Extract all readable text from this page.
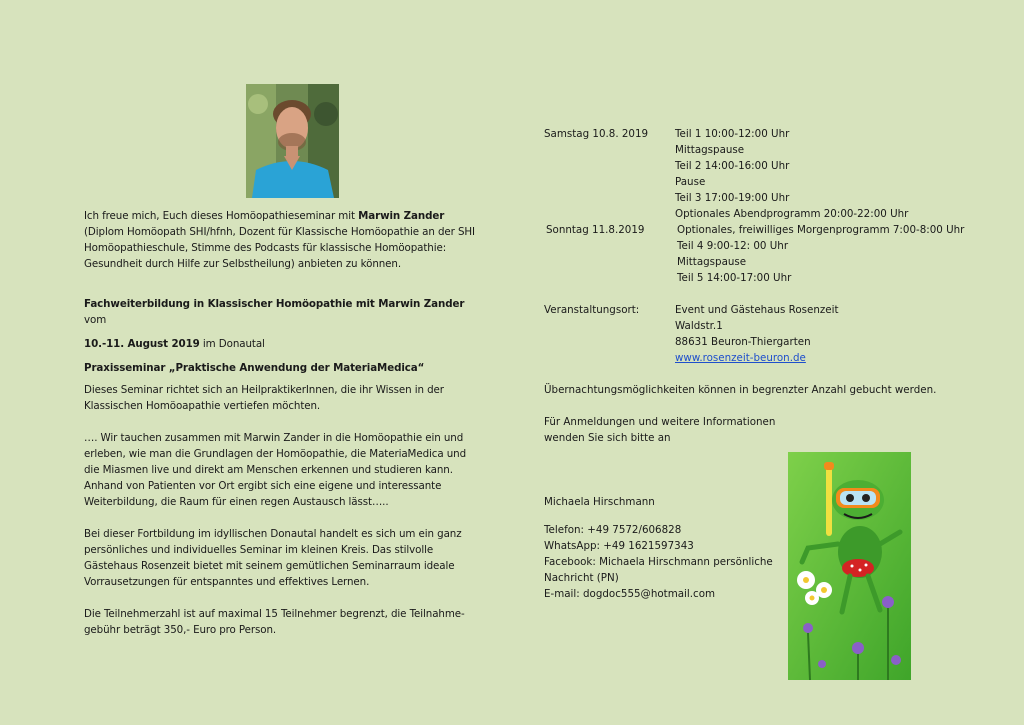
Ich freue mich, Euch dieses Homöopathieseminar mit Marwin Zander
(Diplom Homöopath SHI/hfnh, Dozent für Klassische Homöopathie an der SHI Homöopathieschule, Stimme des Podcasts für klassische Homöopathie: Gesundheit durch Hilfe zur Selbstheilung) anbieten zu können.

Fachweiterbildung in Klassischer Homöopathie mit Marwin Zander vom

10.-11. August 2019 im Donautal

Praxisseminar „Praktische Anwendung der MateriaMedica“

Dieses Seminar richtet sich an HeilpraktikerInnen, die ihr Wissen in der Klassischen Homöoapathie vertiefen möchten.

…. Wir tauchen zusammen mit Marwin Zander in die Homöopathie ein und erleben, wie man die Grundlagen der Homöopathie, die MateriaMedica und die Miasmen live und direkt am Menschen erkennen und studieren kann. Anhand von Patienten vor Ort ergibt sich eine eigene und interessante Weiterbildung, die Raum für einen regen Austausch lässt…..

Bei dieser Fortbildung im idyllischen Donautal handelt es sich um ein ganz persönliches und individuelles Seminar im kleinen Kreis. Das stilvolle Gästehaus Rosenzeit bietet mit seinem gemütlichen Seminarraum ideale Vorrausetzungen für entspanntes und effektives Lernen.

Die Teilnehmerzahl ist auf maximal 15 Teilnehmer begrenzt, die Teilnahme-gebühr beträgt 350,- Euro pro Person.

Samstag 10.8. 2019	Teil 1 10:00-12:00 Uhr
Mittagspause
Teil 2 14:00-16:00 Uhr
Pause
Teil 3 17:00-19:00 Uhr
Optionales Abendprogramm 20:00-22:00 Uhr
Sonntag 11.8.2019	Optionales, freiwilliges Morgenprogramm 7:00-8:00 Uhr
Teil 4 9:00-12: 00 Uhr
Mittagspause
Teil 5 14:00-17:00 Uhr
Veranstaltungsort:	Event und Gästehaus Rosenzeit
Waldstr.1
88631 Beuron-Thiergarten
www.rosenzeit-beuron.de
Übernachtungsmöglichkeiten können in begrenzter Anzahl gebucht werden.
Für Anmeldungen und weitere Informationen
wenden Sie sich bitte an
Michaela Hirschmann
Telefon: +49 7572/606828
WhatsApp: +49 1621597343
Facebook: Michaela Hirschmann persönliche
Nachricht (PN)
E-mail: dogdoc555@hotmail.com
